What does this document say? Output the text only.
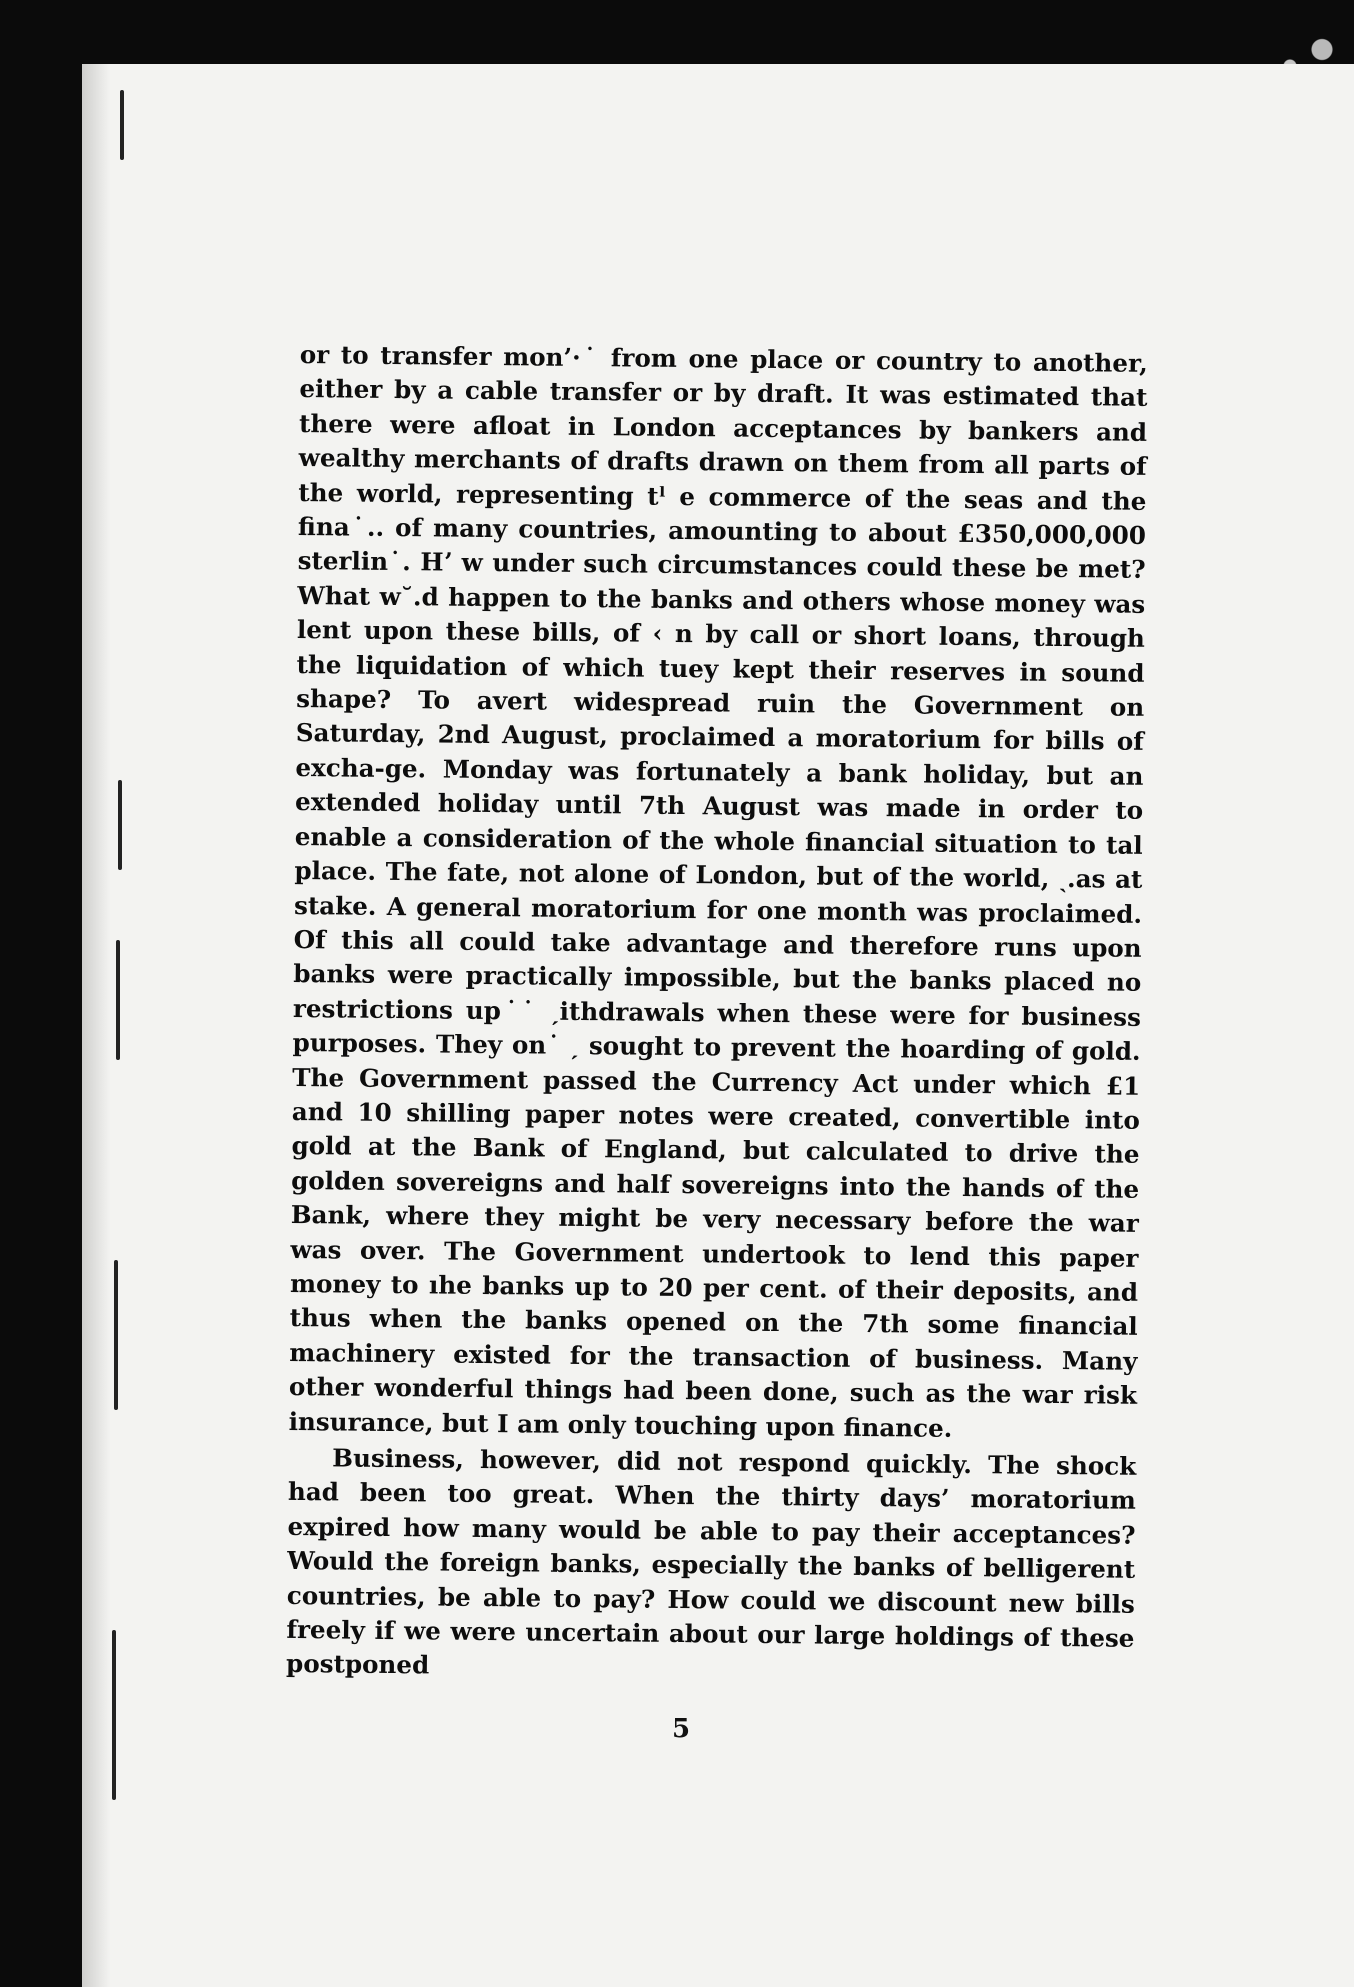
or to transfer mon’·˙ from one place or country to another, either by a cable transfer or by draft. It was estimated that there were afloat in London acceptances by bankers and wealthy merchants of drafts drawn on them from all parts of the world, representing tˡ e commerce of the seas and the fina˙․․ of many countries, amounting to about £350,000,000 sterlin˙. Hʼ w under such circumstances could these be met? What w˘․d happen to the banks and others whose money was lent upon these bills, of ‹ n by call or short loans, through the liquidation of which tuey kept their reserves in sound shape? To avert widespread ruin the Government on Saturday, 2nd August, proclaimed a moratorium for bills of excha‐ge. Monday was fortunately a bank holiday, but an extended holiday until 7th August was made in order to enable a consideration of the whole financial situation to tal place. The fate, not alone of London, but of the world, ˎ.as at stake. A general moratorium for one month was proclaimed. Of this all could take advantage and therefore runs upon banks were practically impossible, but the banks placed no restrictions up˙˙ ˏithdrawals when these were for business purposes. They on˙ ˏ sought to prevent the hoarding of gold. The Government passed the Currency Act under which £1 and 10 shilling paper notes were created, convertible into gold at the Bank of England, but calculated to drive the golden sovereigns and half sovereigns into the hands of the Bank, where they might be very necessary before the war was over. The Government undertook to lend this paper money to ıhe banks up to 20 per cent. of their deposits, and thus when the banks opened on the 7th some financial machinery existed for the transaction of business. Many other wonderful things had been done, such as the war risk insurance, but I am only touching upon finance.

Business, however, did not respond quickly. The shock had been too great. When the thirty days’ moratorium expired how many would be able to pay their acceptances? Would the foreign banks, especially the banks of belligerent countries, be able to pay? How could we discount new bills freely if we were uncertain about our large holdings of these postponed

5
